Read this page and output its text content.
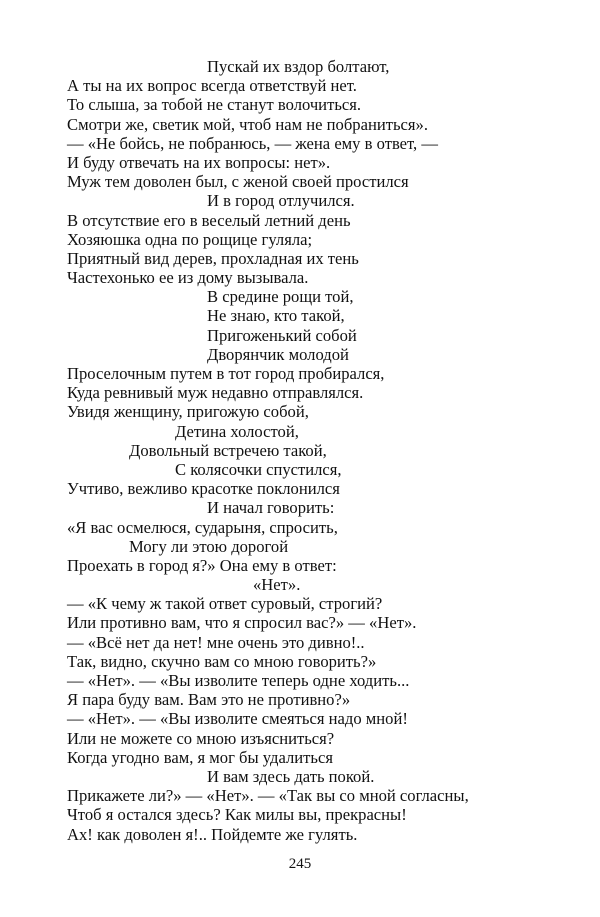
Пускай их вздор болтают,
А ты на их вопрос всегда ответствуй нет.
То слыша, за тобой не станут волочиться.
Смотри же, светик мой, чтоб нам не побраниться».
— «Не бойсь, не побранюсь, — жена ему в ответ, —
И буду отвечать на их вопросы: нет».
Муж тем доволен был, с женой своей простился
И в город отлучился.
В отсутствие его в веселый летний день
Хозяюшка одна по рощице гуляла;
Приятный вид дерев, прохладная их тень
Частехонько ее из дому вызывала.
В средине рощи той,
Не знаю, кто такой,
Пригоженький собой
Дворянчик молодой
Проселочным путем в тот город пробирался,
Куда ревнивый муж недавно отправлялся.
Увидя женщину, пригожую собой,
Детина холостой,
Довольный встречею такой,
С колясочки спустился,
Учтиво, вежливо красотке поклонился
И начал говорить:
«Я вас осмелюся, сударыня, спросить,
Могу ли этою дорогой
Проехать в город я?» Она ему в ответ:
«Нет».
— «К чему ж такой ответ суровый, строгий?
Или противно вам, что я спросил вас?» — «Нет».
— «Всё нет да нет! мне очень это дивно!..
Так, видно, скучно вам со мною говорить?»
— «Нет». — «Вы изволите теперь одне ходить...
Я пара буду вам. Вам это не противно?»
— «Нет». — «Вы изволите смеяться надо мной!
Или не можете со мною изъясниться?
Когда угодно вам, я мог бы удалиться
И вам здесь дать покой.
Прикажете ли?» — «Нет». — «Так вы со мной согласны,
Чтоб я остался здесь? Как милы вы, прекрасны!
Ах! как доволен я!.. Пойдемте же гулять.
245
